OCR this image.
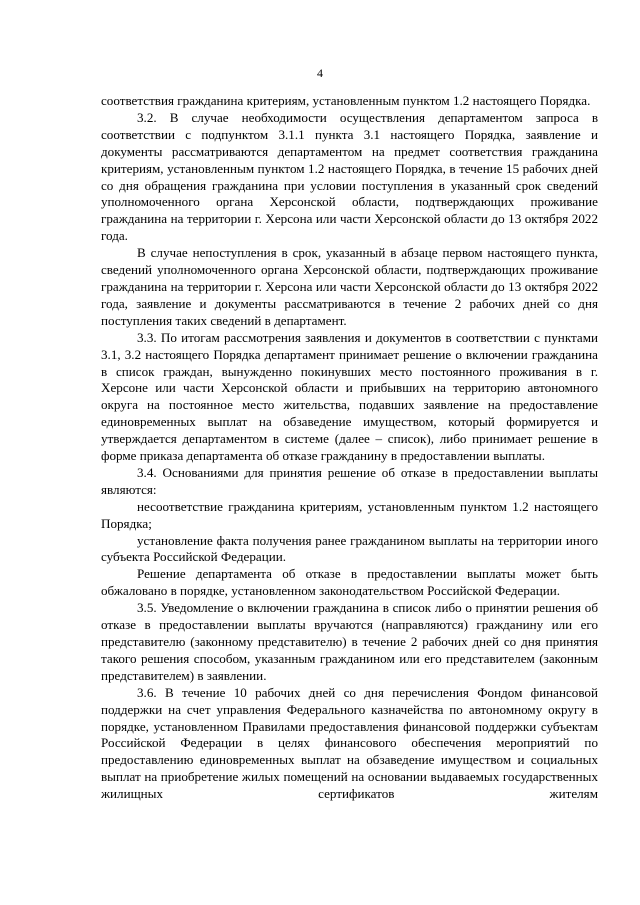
4

соответствия гражданина критериям, установленным пунктом 1.2 настоящего Порядка.

3.2. В случае необходимости осуществления департаментом запроса в соответствии с подпунктом 3.1.1 пункта 3.1 настоящего Порядка, заявление и документы рассматриваются департаментом на предмет соответствия гражданина критериям, установленным пунктом 1.2 настоящего Порядка, в течение 15 рабочих дней со дня обращения гражданина при условии поступления в указанный срок сведений уполномоченного органа Херсонской области, подтверждающих проживание гражданина на территории г. Херсона или части Херсонской области до 13 октября 2022 года.

В случае непоступления в срок, указанный в абзаце первом настоящего пункта, сведений уполномоченного органа Херсонской области, подтверждающих проживание гражданина на территории г. Херсона или части Херсонской области до 13 октября 2022 года, заявление и документы рассматриваются в течение 2 рабочих дней со дня поступления таких сведений в департамент.

3.3. По итогам рассмотрения заявления и документов в соответствии с пунктами 3.1, 3.2 настоящего Порядка департамент принимает решение о включении гражданина в список граждан, вынужденно покинувших место постоянного проживания в г. Херсоне или части Херсонской области и прибывших на территорию автономного округа на постоянное место жительства, подавших заявление на предоставление единовременных выплат на обзаведение имуществом, который формируется и утверждается департаментом в системе (далее – список), либо принимает решение в форме приказа департамента об отказе гражданину в предоставлении выплаты.

3.4. Основаниями для принятия решение об отказе в предоставлении выплаты являются:

несоответствие гражданина критериям, установленным пунктом 1.2 настоящего Порядка;

установление факта получения ранее гражданином выплаты на территории иного субъекта Российской Федерации.

Решение департамента об отказе в предоставлении выплаты может быть обжаловано в порядке, установленном законодательством Российской Федерации.

3.5. Уведомление о включении гражданина в список либо о принятии решения об отказе в предоставлении выплаты вручаются (направляются) гражданину или его представителю (законному представителю) в течение 2 рабочих дней со дня принятия такого решения способом, указанным гражданином или его представителем (законным представителем) в заявлении.

3.6. В течение 10 рабочих дней со дня перечисления Фондом финансовой поддержки на счет управления Федерального казначейства по автономному округу в порядке, установленном Правилами предоставления финансовой поддержки субъектам Российской Федерации в целях финансового обеспечения мероприятий по предоставлению единовременных выплат на обзаведение имуществом и социальных выплат на приобретение жилых помещений на основании выдаваемых государственных жилищных сертификатов жителям
